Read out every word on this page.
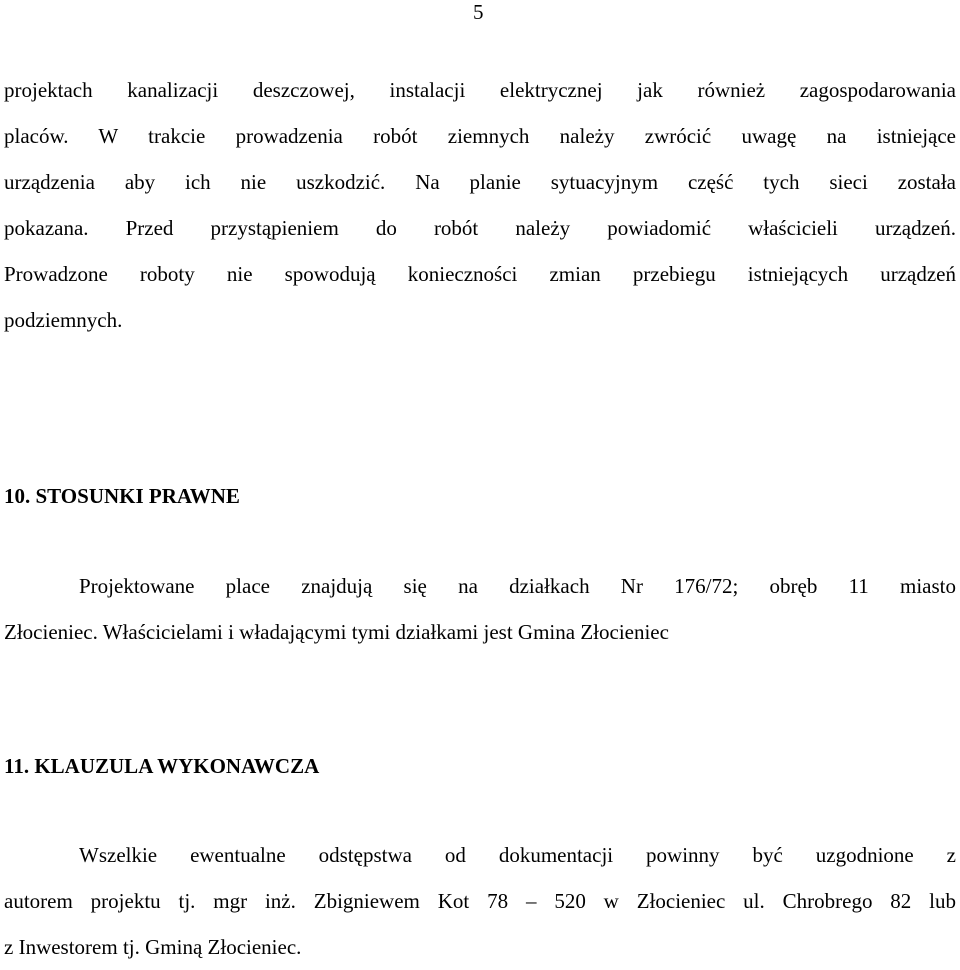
5
projektach kanalizacji deszczowej, instalacji elektrycznej jak również zagospodarowania
placów. W trakcie prowadzenia robót ziemnych należy zwrócić uwagę na istniejące
urządzenia aby ich nie uszkodzić. Na planie sytuacyjnym część tych sieci została
pokazana. Przed przystąpieniem do robót należy powiadomić właścicieli urządzeń.
Prowadzone roboty nie spowodują konieczności zmian przebiegu istniejących urządzeń
podziemnych.
10. STOSUNKI PRAWNE
Projektowane place znajdują się na działkach Nr 176/72; obręb 11 miasto
Złocieniec. Właścicielami i władającymi tymi działkami jest Gmina Złocieniec
11. KLAUZULA WYKONAWCZA
Wszelkie ewentualne odstępstwa od dokumentacji powinny być uzgodnione z
autorem projektu tj. mgr inż. Zbigniewem Kot 78 – 520 w Złocieniec ul. Chrobrego 82 lub
z Inwestorem tj. Gminą Złocieniec.
